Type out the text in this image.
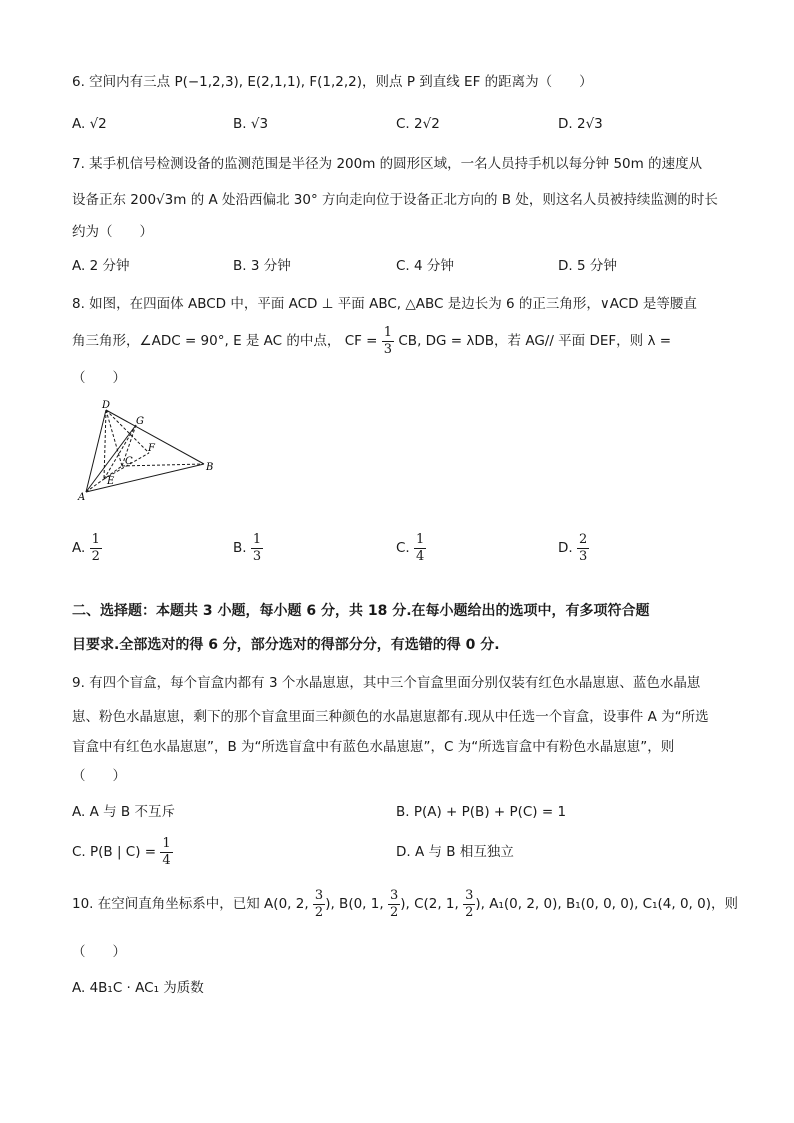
6. 空间内有三点 P(−1,2,3), E(2,1,1), F(1,2,2)，则点 P 到直线 EF 的距离为（　　）
A. √2	B. √3	C. 2√2	D. 2√3
7. 某手机信号检测设备的监测范围是半径为 200m 的圆形区域，一名人员持手机以每分钟 50m 的速度从
设备正东 200√3m 的 A 处沿西偏北 30° 方向走向位于设备正北方向的 B 处，则这名人员被持续监测的时长
约为（　　）
A. 2 分钟	B. 3 分钟	C. 4 分钟	D. 5 分钟
8. 如图，在四面体 ABCD 中，平面 ACD ⊥ 平面 ABC, △ABC 是边长为 6 的正三角形，∨ACD 是等腰直
角三角形，∠ADC = 90°, E 是 AC 的中点， CF = $\frac{1}{3}$ CB, DG = λDB，若 AG// 平面 DEF，则 λ =
（　　）
D
G
F
C
E
A
B
A. $\frac{1}{2}$	B. $\frac{1}{3}$	C. $\frac{1}{4}$	D. $\frac{2}{3}$
二、选择题：本题共 3 小题，每小题 6 分，共 18 分.在每小题给出的选项中，有多项符合题
目要求.全部选对的得 6 分，部分选对的得部分分，有选错的得 0 分.
9. 有四个盲盒，每个盲盒内都有 3 个水晶崽崽，其中三个盲盒里面分别仅装有红色水晶崽崽、蓝色水晶崽
崽、粉色水晶崽崽，剩下的那个盲盒里面三种颜色的水晶崽崽都有.现从中任选一个盲盒，设事件 A 为“所选
盲盒中有红色水晶崽崽”，B 为“所选盲盒中有蓝色水晶崽崽”，C 为“所选盲盒中有粉色水晶崽崽”，则
（　　）
A. A 与 B 不互斥	B. P(A) + P(B) + P(C) = 1
C. P(B | $C) = \frac{1}{4}$	D. A 与 B 相互独立
10. 在空间直角坐标系中，已知 A(0, 2, $\frac{3}{2}$ ), B(0, 1, $\frac{3}{2}$ ), C(2, 1, $\frac{3}{2}$ ), A₁(0, 2, 0), B₁(0, 0, 0), C₁(4, 0, 0)，则
（　　）
A. 4B₁C · AC₁ 为质数
